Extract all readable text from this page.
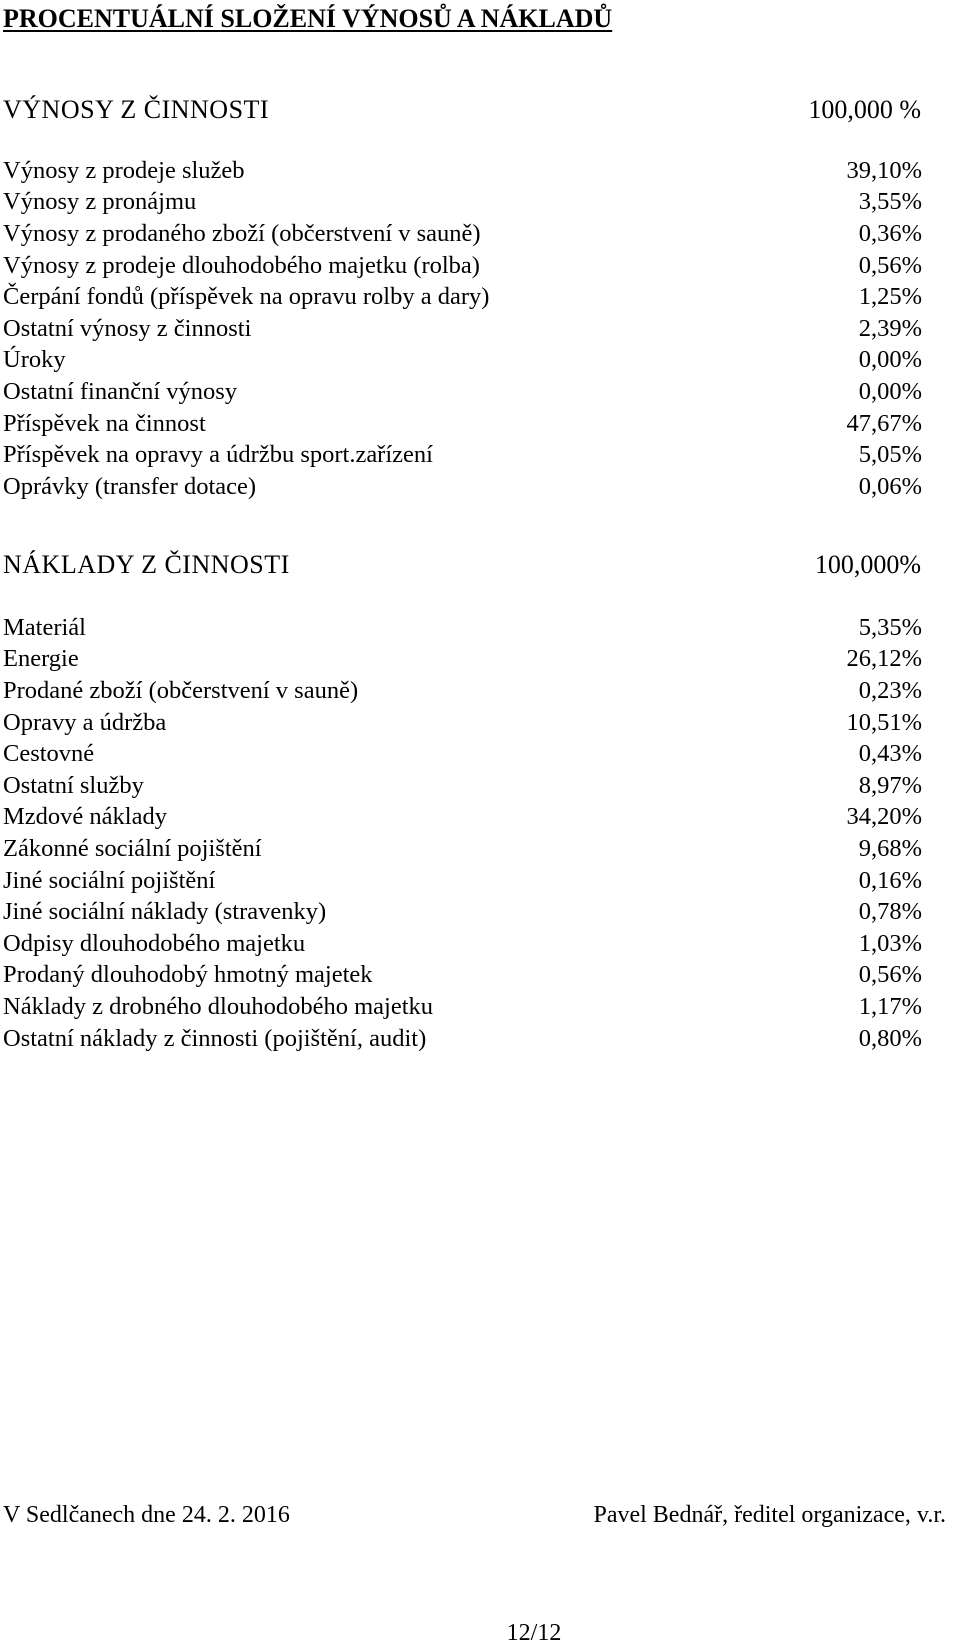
PROCENTUÁLNÍ SLOŽENÍ VÝNOSŮ A NÁKLADŮ
VÝNOSY Z ČINNOSTI	100,000 %
Výnosy z prodeje služeb	39,10%
Výnosy z pronájmu	3,55%
Výnosy z prodaného zboží (občerstvení v sauně)	0,36%
Výnosy z prodeje dlouhodobého majetku (rolba)	0,56%
Čerpání fondů (příspěvek na opravu rolby a dary)	1,25%
Ostatní výnosy z činnosti	2,39%
Úroky	0,00%
Ostatní finanční výnosy	0,00%
Příspěvek na činnost	47,67%
Příspěvek na opravy a údržbu sport.zařízení	5,05%
Oprávky (transfer dotace)	0,06%
NÁKLADY Z ČINNOSTI	100,000%
Materiál	5,35%
Energie	26,12%
Prodané zboží (občerstvení v sauně)	0,23%
Opravy a údržba	10,51%
Cestovné	0,43%
Ostatní služby	8,97%
Mzdové náklady	34,20%
Zákonné sociální pojištění	9,68%
Jiné sociální pojištění	0,16%
Jiné sociální náklady (stravenky)	0,78%
Odpisy dlouhodobého majetku	1,03%
Prodaný dlouhodobý hmotný majetek	0,56%
Náklady z drobného dlouhodobého majetku	1,17%
Ostatní náklady z činnosti (pojištění, audit)	0,80%
V Sedlčanech dne 24. 2. 2016	Pavel Bednář, ředitel organizace, v.r.
12/12
